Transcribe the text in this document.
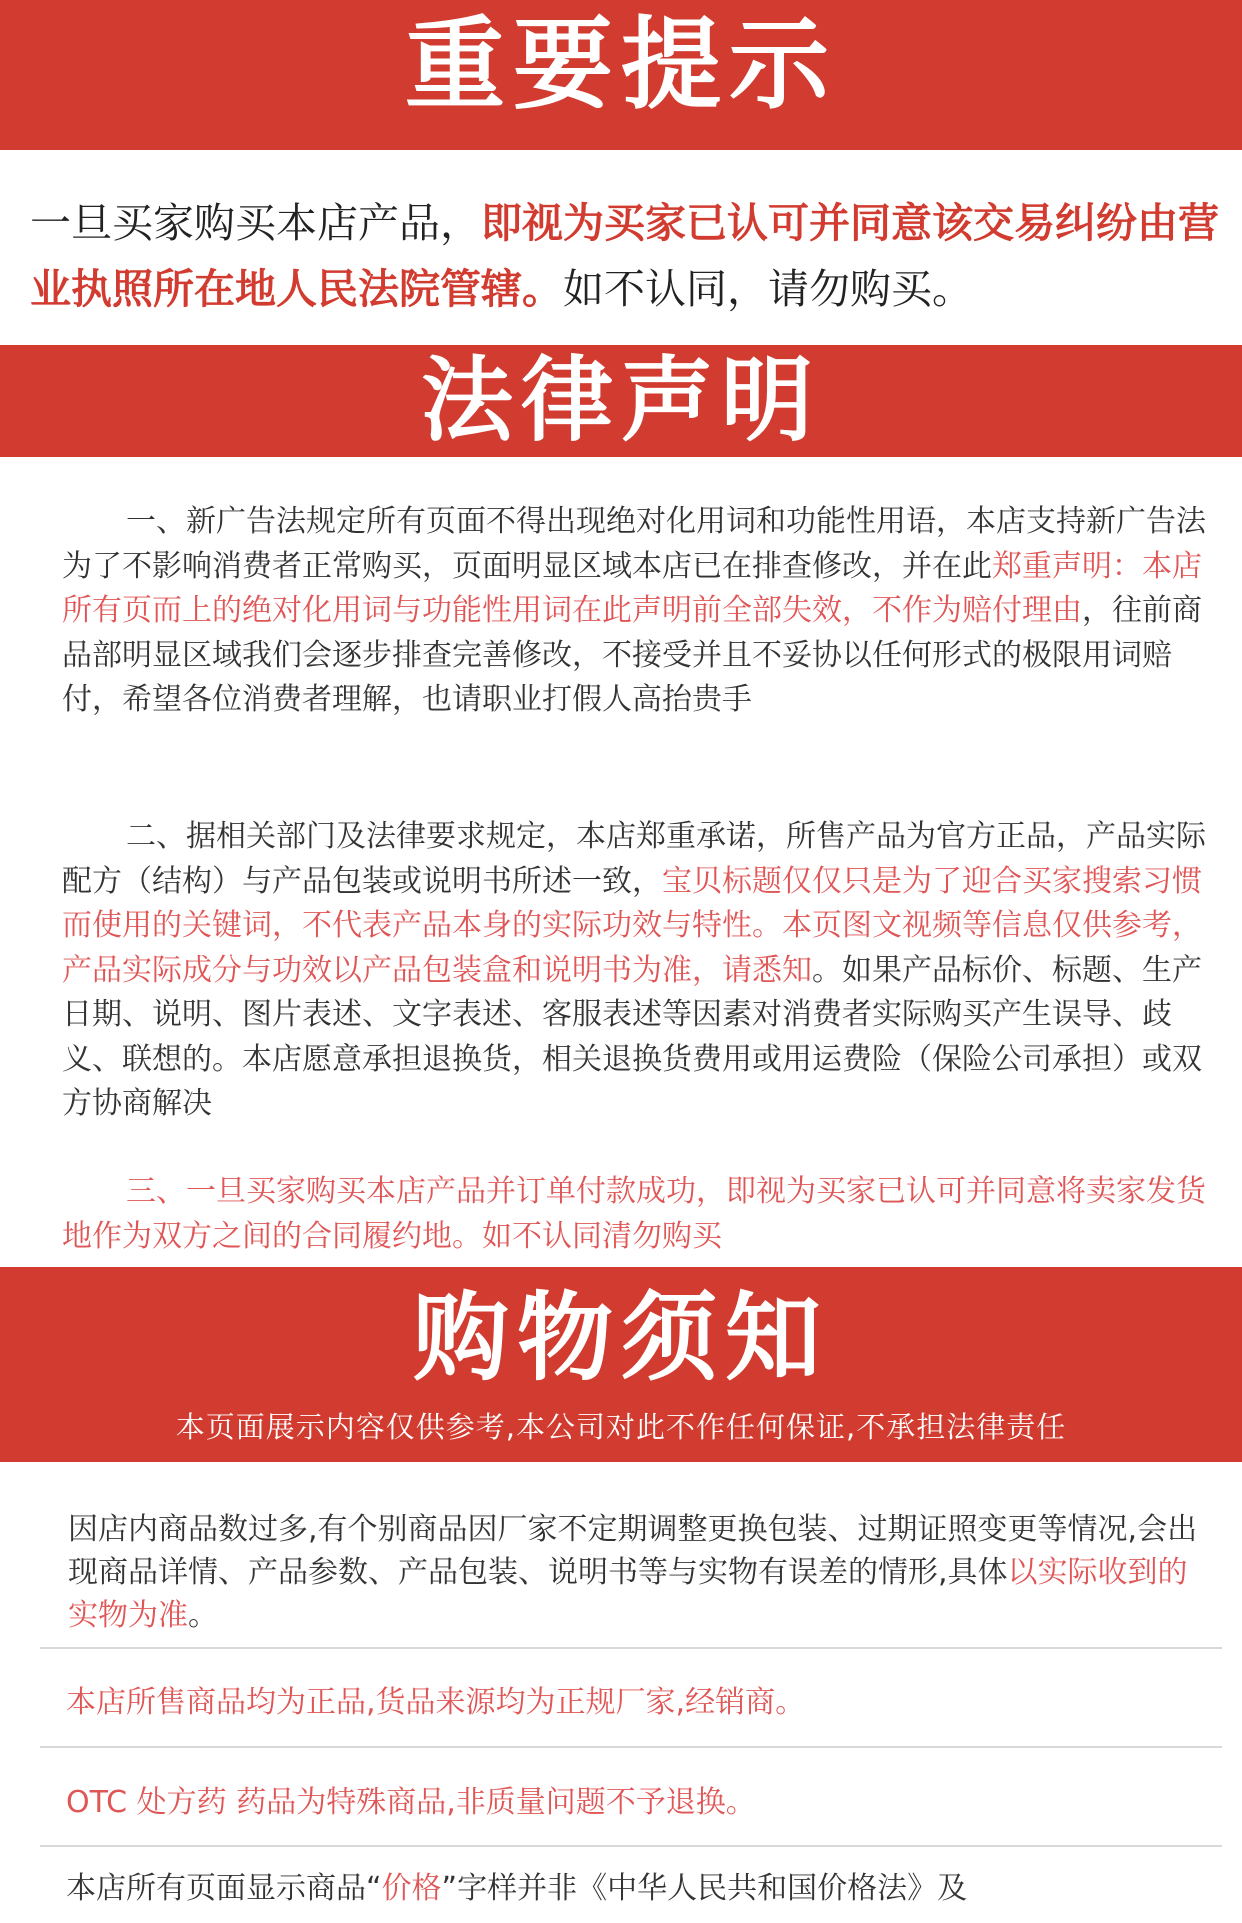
重要提示
一旦买家购买本店产品，即视为买家已认可并同意该交易纠纷由营业执照所在地人民法院管辖。如不认同，请勿购买。
法律声明
一、新广告法规定所有页面不得出现绝对化用词和功能性用语，本店支持新广告法为了不影响消费者正常购买，页面明显区域本店已在排查修改，并在此郑重声明：本店所有页而上的绝对化用词与功能性用词在此声明前全部失效，不作为赔付理由，往前商品部明显区域我们会逐步排查完善修改，不接受并且不妥协以任何形式的极限用词赔付，希望各位消费者理解，也请职业打假人高抬贵手
二、据相关部门及法律要求规定，本店郑重承诺，所售产品为官方正品，产品实际配方（结构）与产品包装或说明书所述一致，宝贝标题仅仅只是为了迎合买家搜索习惯而使用的关键词，不代表产品本身的实际功效与特性。本页图文视频等信息仅供参考，产品实际成分与功效以产品包装盒和说明书为准，请悉知。如果产品标价、标题、生产日期、说明、图片表述、文字表述、客服表述等因素对消费者实际购买产生误导、歧义、联想的。本店愿意承担退换货，相关退换货费用或用运费险（保险公司承担）或双方协商解决
三、一旦买家购买本店产品并订单付款成功，即视为买家已认可并同意将卖家发货地作为双方之间的合同履约地。如不认同清勿购买
购物须知
本页面展示内容仅供参考,本公司对此不作任何保证,不承担法律责任
因店内商品数过多,有个别商品因厂家不定期调整更换包装、过期证照变更等情况,会出现商品详情、产品参数、产品包装、说明书等与实物有误差的情形,具体以实际收到的实物为准。
本店所售商品均为正品,货品来源均为正规厂家,经销商。
OTC 处方药 药品为特殊商品,非质量问题不予退换。
本店所有页面显示商品“价格”字样并非《中华人民共和国价格法》及
